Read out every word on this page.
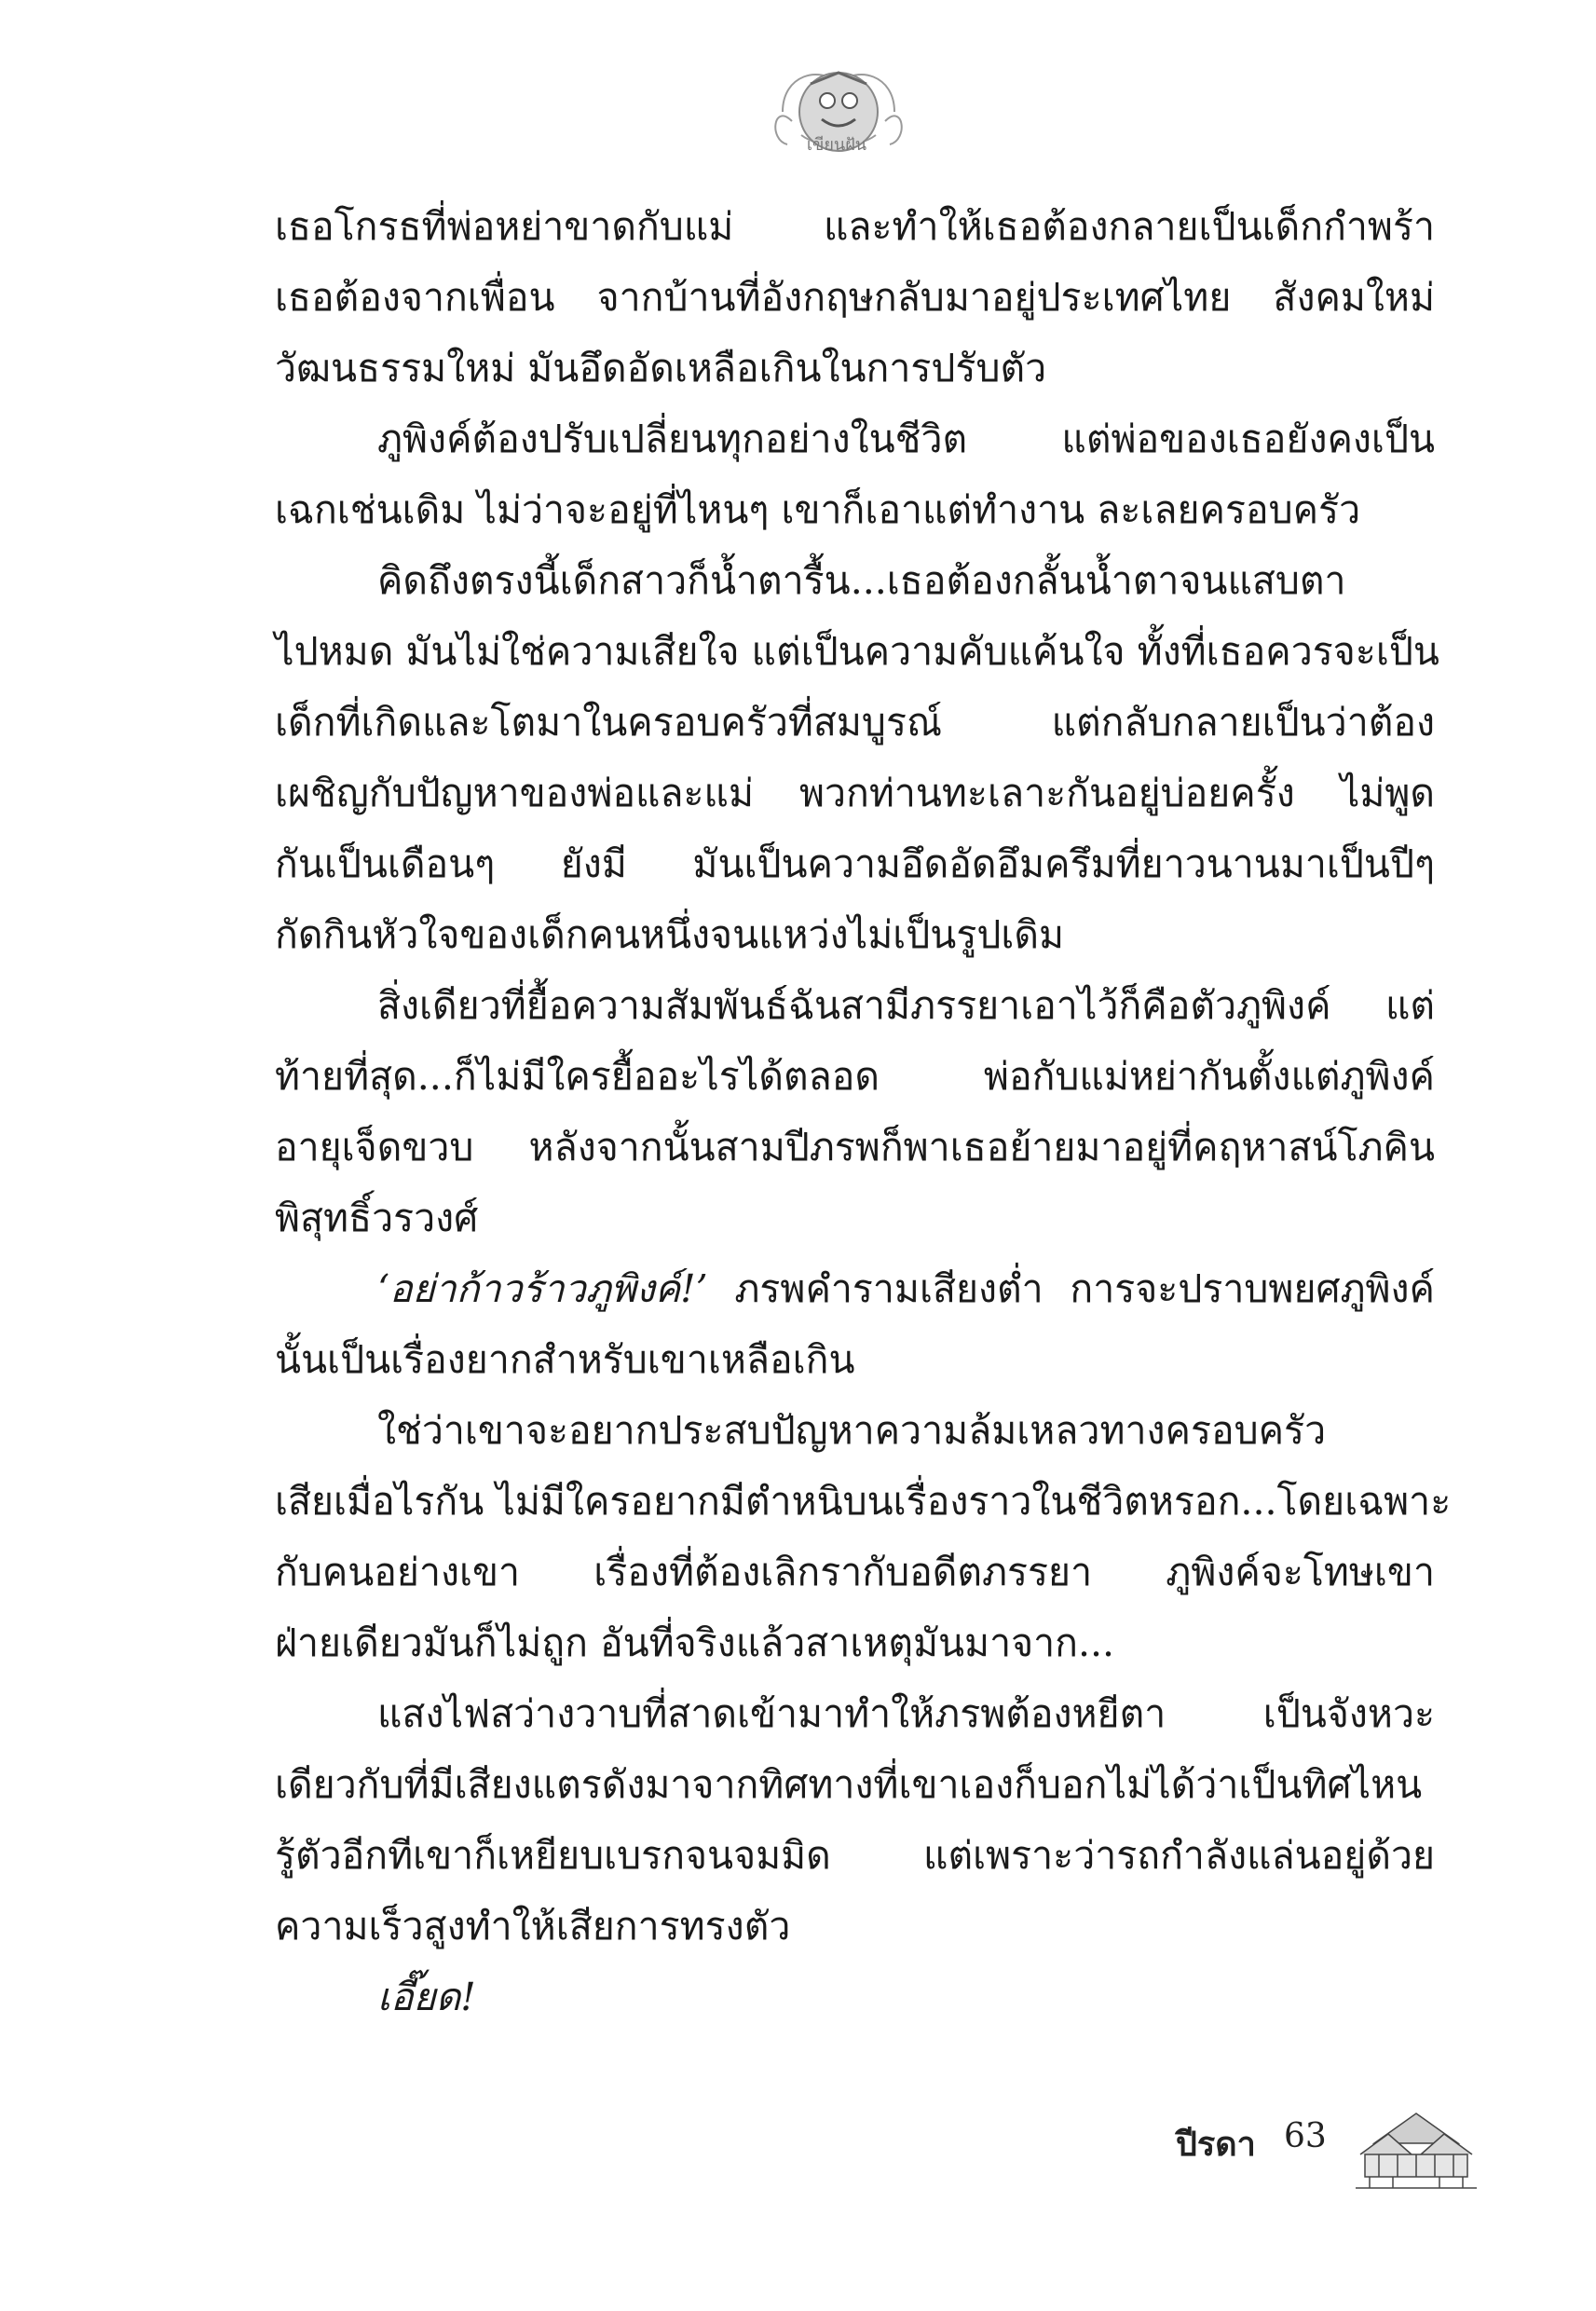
เขียนฝัน
เธอโกรธที่พ่อหย่าขาดกับแม่ และทำให้เธอต้องกลายเป็นเด็กกำพร้า
เธอต้องจากเพื่อน จากบ้านที่อังกฤษกลับมาอยู่ประเทศไทย สังคมใหม่
วัฒนธรรมใหม่ มันอึดอัดเหลือเกินในการปรับตัว
ภูพิงค์ต้องปรับเปลี่ยนทุกอย่างในชีวิต แต่พ่อของเธอยังคงเป็น
เฉกเช่นเดิม ไม่ว่าจะอยู่ที่ไหนๆ เขาก็เอาแต่ทำงาน ละเลยครอบครัว
คิดถึงตรงนี้เด็กสาวก็น้ำตารื้น...เธอต้องกลั้นน้ำตาจนแสบตา
ไปหมด มันไม่ใช่ความเสียใจ แต่เป็นความคับแค้นใจ ทั้งที่เธอควรจะเป็น
เด็กที่เกิดและโตมาในครอบครัวที่สมบูรณ์ แต่กลับกลายเป็นว่าต้อง
เผชิญกับปัญหาของพ่อและแม่ พวกท่านทะเลาะกันอยู่บ่อยครั้ง ไม่พูด
กันเป็นเดือนๆ ยังมี มันเป็นความอึดอัดอึมครึมที่ยาวนานมาเป็นปีๆ
กัดกินหัวใจของเด็กคนหนึ่งจนแหว่งไม่เป็นรูปเดิม
สิ่งเดียวที่ยื้อความสัมพันธ์ฉันสามีภรรยาเอาไว้ก็คือตัวภูพิงค์ แต่
ท้ายที่สุด...ก็ไม่มีใครยื้ออะไรได้ตลอด พ่อกับแม่หย่ากันตั้งแต่ภูพิงค์
อายุเจ็ดขวบ หลังจากนั้นสามปีภรพก็พาเธอย้ายมาอยู่ที่คฤหาสน์โภคิน
พิสุทธิ์วรวงศ์
‘อย่าก้าวร้าวภูพิงค์!’ ภรพคำรามเสียงต่ำ การจะปราบพยศภูพิงค์
นั้นเป็นเรื่องยากสำหรับเขาเหลือเกิน
ใช่ว่าเขาจะอยากประสบปัญหาความล้มเหลวทางครอบครัว
เสียเมื่อไรกัน ไม่มีใครอยากมีตำหนิบนเรื่องราวในชีวิตหรอก...โดยเฉพาะ
กับคนอย่างเขา เรื่องที่ต้องเลิกรากับอดีตภรรยา ภูพิงค์จะโทษเขา
ฝ่ายเดียวมันก็ไม่ถูก อันที่จริงแล้วสาเหตุมันมาจาก...
แสงไฟสว่างวาบที่สาดเข้ามาทำให้ภรพต้องหยีตา เป็นจังหวะ
เดียวกับที่มีเสียงแตรดังมาจากทิศทางที่เขาเองก็บอกไม่ได้ว่าเป็นทิศไหน
รู้ตัวอีกทีเขาก็เหยียบเบรกจนจมมิด แต่เพราะว่ารถกำลังแล่นอยู่ด้วย
ความเร็วสูงทำให้เสียการทรงตัว
เอี๊ยด!
ปีรดา 63
